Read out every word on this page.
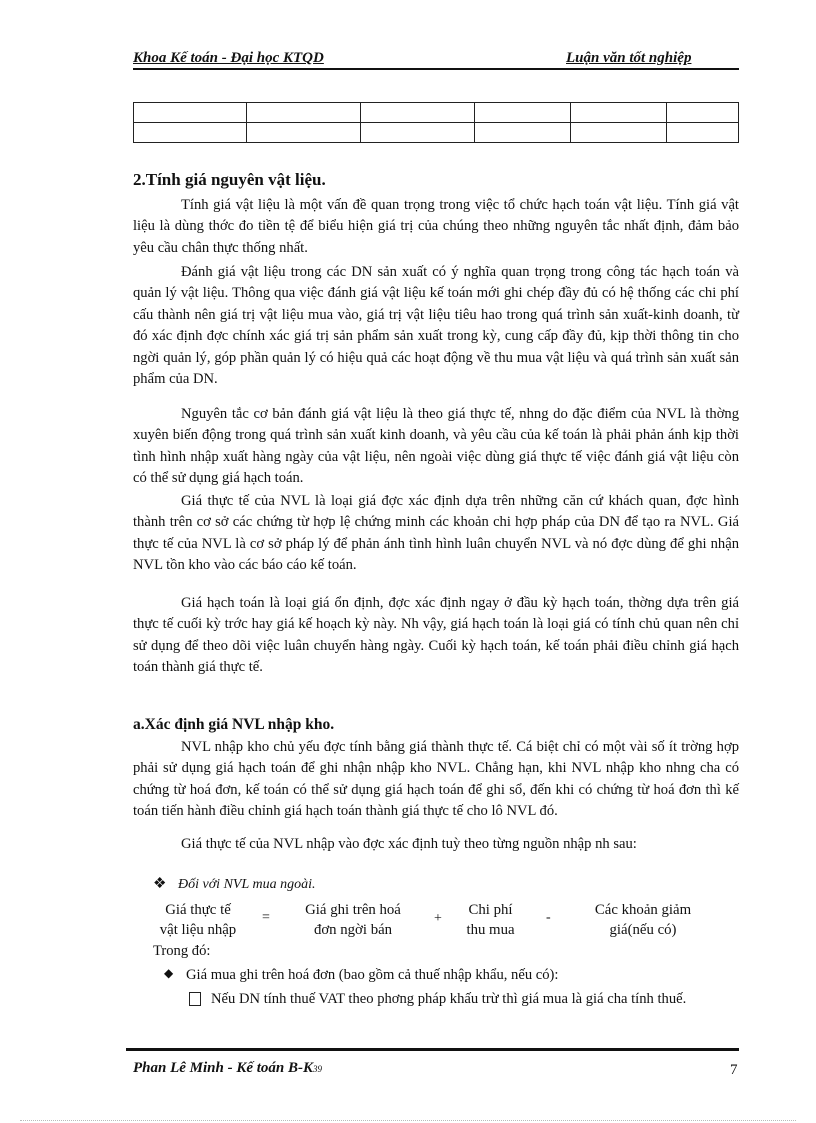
Khoa Kế toán - Đại học KTQD	Luận văn tốt nghiệp

2.Tính giá nguyên vật liệu.
Tính giá vật liệu là một vấn đề quan trọng trong việc tổ chức hạch toán vật liệu. Tính giá vật liệu là dùng thớc đo tiền tệ để biểu hiện giá trị của chúng theo những nguyên tắc nhất định, đảm bảo yêu cầu chân thực thống nhất.
Đánh giá vật liệu trong các DN sản xuất có ý nghĩa quan trọng trong công tác hạch toán và quản lý vật liệu. Thông qua việc đánh giá vật liệu kế toán mới ghi chép đầy đủ có hệ thống các chi phí cấu thành nên giá trị vật liệu mua vào, giá trị vật liệu tiêu hao trong quá trình sản xuất-kinh doanh, từ đó xác định đợc chính xác giá trị sản phẩm sản xuất trong kỳ, cung cấp đầy đủ, kịp thời thông tin cho ngời quản lý, góp phần quản lý có hiệu quả các hoạt động về thu mua vật liệu và quá trình sản xuất sản phẩm của DN.
Nguyên tắc cơ bản đánh giá vật liệu là theo giá thực tế, nhng do đặc điểm của NVL là thờng xuyên biến động trong quá trình sản xuất kinh doanh, và yêu cầu của kế toán là phải phản ánh kịp thời tình hình nhập xuất hàng ngày của vật liệu, nên ngoài việc dùng giá thực tế việc đánh giá vật liệu còn có thể sử dụng giá hạch toán.
Giá thực tế của NVL là loại giá đợc xác định dựa trên những căn cứ khách quan, đợc hình thành trên cơ sở các chứng từ hợp lệ chứng minh các khoản chi hợp pháp của DN để tạo ra NVL. Giá thực tế của NVL là cơ sở pháp lý để phản ánh tình hình luân chuyển NVL và nó đợc dùng để ghi nhận NVL tồn kho vào các báo cáo kế toán.
Giá hạch toán là loại giá ổn định, đợc xác định ngay ở đầu kỳ hạch toán, thờng dựa trên giá thực tế cuối kỳ trớc hay giá kế hoạch kỳ này. Nh vậy, giá hạch toán là loại giá có tính chủ quan nên chỉ sử dụng để theo dõi việc luân chuyển hàng ngày. Cuối kỳ hạch toán, kế toán phải điều chỉnh giá hạch toán thành giá thực tế.
a.Xác định giá NVL nhập kho.
NVL nhập kho chủ yếu đợc tính bằng giá thành thực tế. Cá biệt chỉ có một vài số ít trờng hợp phải sử dụng giá hạch toán để ghi nhận nhập kho NVL. Chẳng hạn, khi NVL nhập kho nhng cha có chứng từ hoá đơn, kế toán có thể sử dụng giá hạch toán để ghi sổ, đến khi có chứng từ hoá đơn thì kế toán tiến hành điều chỉnh giá hạch toán thành giá thực tế cho lô NVL đó.
Giá thực tế của NVL nhập vào đợc xác định tuỳ theo từng nguồn nhập nh sau:
❖ Đối với NVL mua ngoài.
Giá thực tế
vật liệu nhập
=	Giá ghi trên hoá
đơn ngời bán
+
Chi phí
thu mua
-	Các khoản giảm
giá(nếu có)
Trong đó:
◆ Giá mua ghi trên hoá đơn (bao gồm cả thuế nhập khẩu, nếu có):
Nếu DN tính thuế VAT theo phơng pháp khấu trừ thì giá mua là giá cha tính thuế.
Phan Lê Minh - Kế toán B-K39	7
